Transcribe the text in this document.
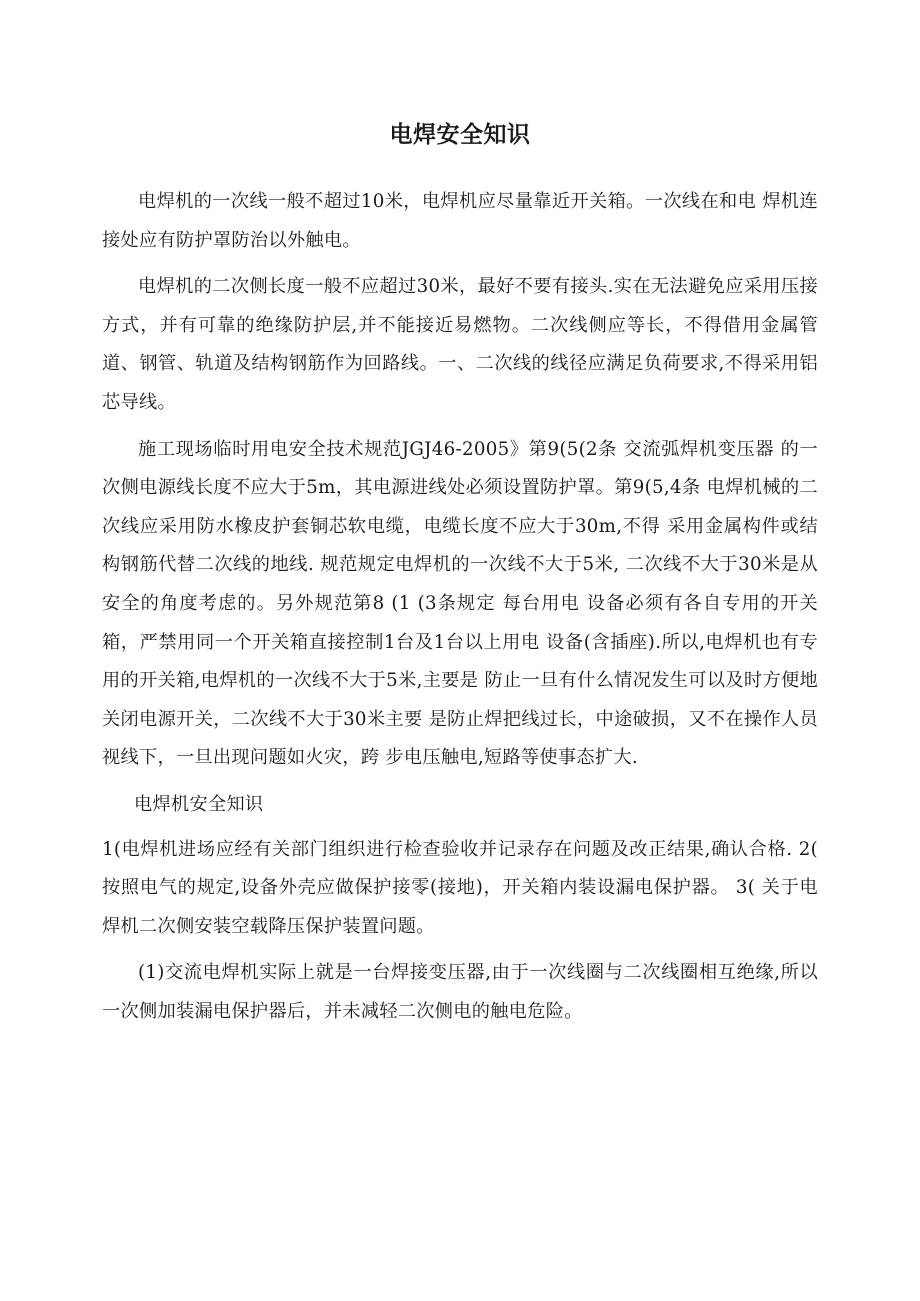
电焊安全知识

电焊机的一次线一般不超过10米，电焊机应尽量靠近开关箱。一次线在和电 焊机连接处应有防护罩防治以外触电。

电焊机的二次侧长度一般不应超过30米，最好不要有接头.实在无法避免应采用压接方式，并有可靠的绝缘防护层,并不能接近易燃物。二次线侧应等长，不得借用金属管道、钢管、轨道及结构钢筋作为回路线。一、二次线的线径应满足负荷要求,不得采用铝芯导线。

施工现场临时用电安全技术规范JGJ46-2005》第9(5(2条 交流弧焊机变压器 的一次侧电源线长度不应大于5m，其电源进线处必须设置防护罩。第9(5,4条 电焊机械的二次线应采用防水橡皮护套铜芯软电缆，电缆长度不应大于30m,不得 采用金属构件或结构钢筋代替二次线的地线. 规范规定电焊机的一次线不大于5米, 二次线不大于30米是从安全的角度考虑的。另外规范第8 (1 (3条规定 每台用电 设备必须有各自专用的开关箱，严禁用同一个开关箱直接控制1台及1台以上用电 设备(含插座).所以,电焊机也有专用的开关箱,电焊机的一次线不大于5米,主要是 防止一旦有什么情况发生可以及时方便地关闭电源开关，二次线不大于30米主要 是防止焊把线过长，中途破损，又不在操作人员视线下，一旦出现问题如火灾，跨 步电压触电,短路等使事态扩大.

电焊机安全知识

1(电焊机进场应经有关部门组织进行检查验收并记录存在问题及改正结果,确认合格. 2( 按照电气的规定,设备外壳应做保护接零(接地)，开关箱内装设漏电保护器。 3( 关于电焊机二次侧安装空载降压保护装置问题。

(1)交流电焊机实际上就是一台焊接变压器,由于一次线圈与二次线圈相互绝缘,所以一次侧加装漏电保护器后，并未减轻二次侧电的触电危险。
